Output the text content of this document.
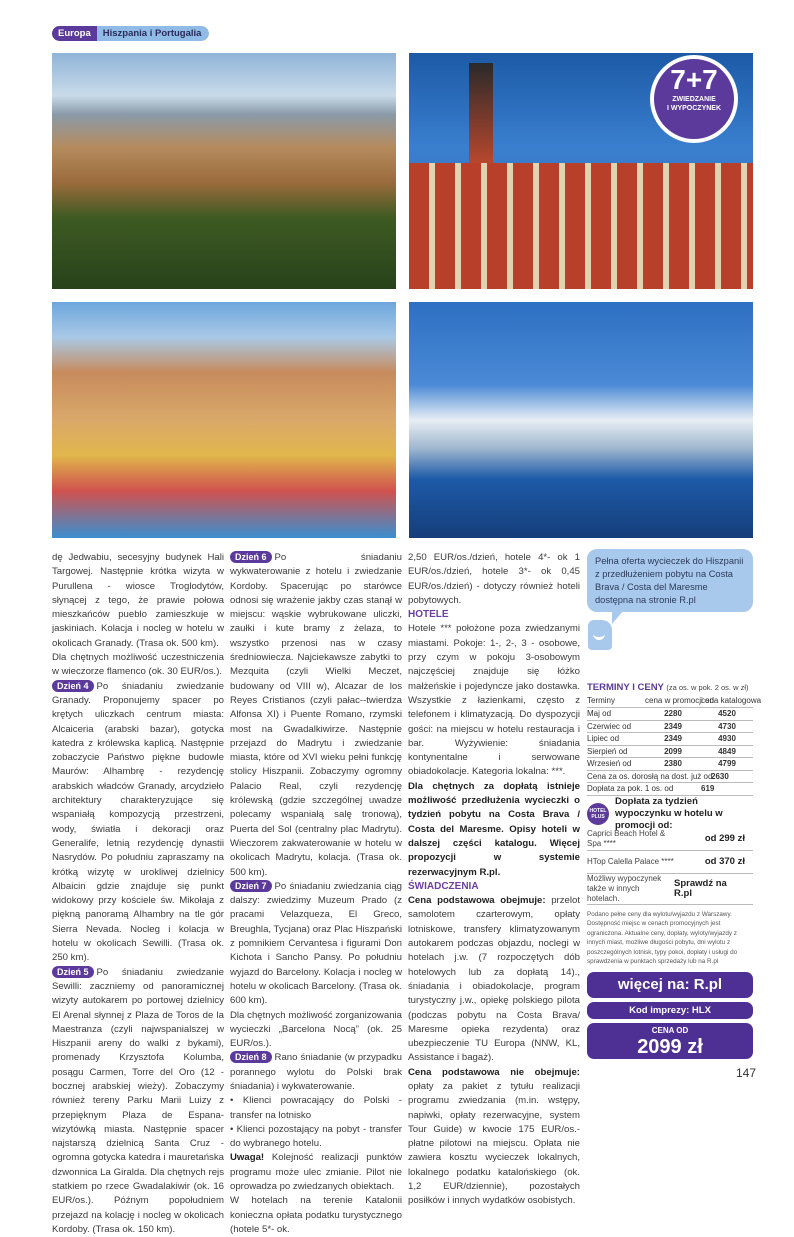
Europa	Hiszpania i Portugalia
7+7
ZWIEDZANIE
I WYPOCZYNEK

dę Jedwabiu, secesyjny budynek Hali Targowej. Następnie krótka wizyta w Purullena - wiosce Troglodytów, słynącej z tego, że prawie połowa mieszkańców pueblo zamieszkuje w jaskiniach. Kolacja i nocleg w hotelu w okolicach Granady. (Trasa ok. 500 km).

Dla chętnych możliwość uczestniczenia w wieczorze flamenco (ok. 30 EUR/os.).

Dzień 4 Po śniadaniu zwiedzanie Granady. Proponujemy spacer po krętych uliczkach centrum miasta: Alcaiceria (arabski bazar), gotycka katedra z królewska kaplicą. Następnie zobaczycie Państwo piękne budowle Maurów: Alhambrę - rezydencję arabskich władców Granady, arcydzieło architektury charakteryzujące się wspaniałą kompozycją przestrzeni, wody, światła i dekoracji oraz Generalife, letnią rezydencję dynastii Nasrydów. Po południu zapraszamy na krótką wizytę w urokliwej dzielnicy Albaicin gdzie znajduje się punkt widokowy przy kościele św. Mikołaja z piękną panoramą Alhambry na tle gór Sierra Nevada. Nocleg i kolacja w hotelu w okolicach Sewilli. (Trasa ok. 250 km).

Dzień 5 Po śniadaniu zwiedzanie Sewilli: zaczniemy od panoramicznej wizyty autokarem po portowej dzielnicy El Arenal słynnej z Plaza de Toros de la Maestranza (czyli najwspanialszej w Hiszpanii areny do walki z bykami), promenady Krzysztofa Kolumba, posągu Carmen, Torre del Oro (12 - bocznej arabskiej wieży). Zobaczymy również tereny Parku Marii Luizy z przepięknym Plaza de Espana- wizytówką miasta. Następnie spacer najstarszą dzielnicą Santa Cruz - ogromna gotycka katedra i mauretańska dzwonnica La Giralda. Dla chętnych rejs statkiem po rzece Gwadalakiwir (ok. 16 EUR/os.). Późnym popołudniem przejazd na kolację i nocleg w okolicach Kordoby. (Trasa ok. 150 km).

Dzień 6 Po śniadaniu wykwaterowanie z hotelu i zwiedzanie Kordoby. Spacerując po starówce odnosi się wrażenie jakby czas stanął w miejscu: wąskie wybrukowane uliczki, zaułki i kute bramy z żelaza, to wszystko przenosi nas w czasy średniowiecza. Najciekawsze zabytki to Mezquita (czyli Wielki Meczet, budowany od VIII w), Alcazar de los Reyes Cristianos (czyli pałac--twierdza Alfonsa XI) i Puente Romano, rzymski most na Gwadalkiwirze. Następnie przejazd do Madrytu i zwiedzanie miasta, które od XVI wieku pełni funkcję stolicy Hiszpanii. Zobaczymy ogromny Palacio Real, czyli rezydencję królewską (gdzie szczególnej uwadze polecamy wspaniałą salę tronową), Puerta del Sol (centralny plac Madrytu). Wieczorem zakwaterowanie w hotelu w okolicach Madrytu, kolacja. (Trasa ok. 500 km).

Dzień 7 Po śniadaniu zwiedzania ciąg dalszy: zwiedzimy Muzeum Prado (z pracami Velazqueza, El Greco, Breughla, Tycjana) oraz Plac Hiszpański z pomnikiem Cervantesa i figurami Don Kichota i Sancho Pansy. Po południu wyjazd do Barcelony. Kolacja i nocleg w hotelu w okolicach Barcelony. (Trasa ok. 600 km).

Dla chętnych możliwość zorganizowania wycieczki „Barcelona Nocą” (ok. 25 EUR/os.).

Dzień 8 Rano śniadanie (w przypadku porannego wylotu do Polski brak śniadania) i wykwaterowanie.

• Klienci powracający do Polski - transfer na lotnisko

• Klienci pozostający na pobyt - transfer do wybranego hotelu.

Uwaga! Kolejność realizacji punktów programu może ulec zmianie. Pilot nie oprowadza po zwiedzanych obiektach.

W hotelach na terenie Katalonii konieczna opłata podatku turystycznego (hotele 5*- ok.

2,50 EUR/os./dzień, hotele 4*- ok 1 EUR/os./dzień, hotele 3*- ok 0,45 EUR/os./dzień) - dotyczy również hoteli pobytowych.

HOTELE

Hotele *** położone poza zwiedzanymi miastami. Pokoje: 1-, 2-, 3 - osobowe, przy czym w pokoju 3-osobowym najczęściej znajduje się łóżko małżeńskie i pojedyncze jako dostawka. Wszystkie z łazienkami, często z telefonem i klimatyzacją. Do dyspozycji gości: na miejscu w hotelu restauracja i bar. Wyżywienie: śniadania kontynentalne i serwowane obiadokolacje. Kategoria lokalna: ***.

Dla chętnych za dopłatą istnieje możliwość przedłużenia wycieczki o tydzień pobytu na Costa Brava / Costa del Maresme. Opisy hoteli w dalszej części katalogu. Więcej propozycji w systemie rezerwacyjnym R.pl.

ŚWIADCZENIA

Cena podstawowa obejmuje: przelot samolotem czarterowym, opłaty lotniskowe, transfery klimatyzowanym autokarem podczas objazdu, noclegi w hotelach j.w. (7 rozpoczętych dób hotelowych lub za dopłatą 14)., śniadania i obiadokolacje, program turystyczny j.w., opiekę polskiego pilota (podczas pobytu na Costa Brava/ Maresme opieka rezydenta) oraz ubezpieczenie TU Europa (NNW, KL, Assistance i bagaż).

Cena podstawowa nie obejmuje: opłaty za pakiet z tytułu realizacji programu zwiedzania (m.in. wstępy, napiwki, opłaty rezerwacyjne, system Tour Guide) w kwocie 175 EUR/os.- płatne pilotowi na miejscu. Opłata nie zawiera kosztu wycieczek lokalnych, lokalnego podatku katalońskiego (ok. 1,2 EUR/dziennie), pozostałych posiłków i innych wydatków osobistych.

Pełna oferta wycieczek do Hiszpanii z przedłużeniem pobytu na Costa Brava / Costa del Maresme dostępna na stronie R.pl
TERMINY I CENY (za os. w pok. 2 os. w zł)
Terminy	cena w promocji od	cena katalogowa
Maj od	2280	4520
Czerwiec od	2349	4730
Lipiec od	2349	4930
Sierpień od	2099	4849
Wrzesień od	2380	4799
Cena za os. dorosłą na dost. już od		2630
Dopłata za pok. 1 os. od		619
HOTEL PLUS
Dopłata za tydzień wypoczynku w hotelu w promocji od:
Caprici Beach Hotel & Spa ****	od 299 zł
HTop Calella Palace ****	od 370 zł
Możliwy wypoczynek także w innych hotelach.
Sprawdź na R.pl
Podano pełne ceny dla wylotu/wyjazdu z Warszawy. Dostępność miejsc w cenach promocyjnych jest ograniczona. Aktualne ceny, dopłaty, wyloty/wyjazdy z innych miast, możliwe długości pobytu, dni wylotu z poszczególnych lotnisk, typy pokoi, dopłaty i usługi do sprawdzenia w punktach sprzedaży lub na R.pl
więcej na: R.pl
Kod imprezy: HLX
CENA OD
2099 zł
147
